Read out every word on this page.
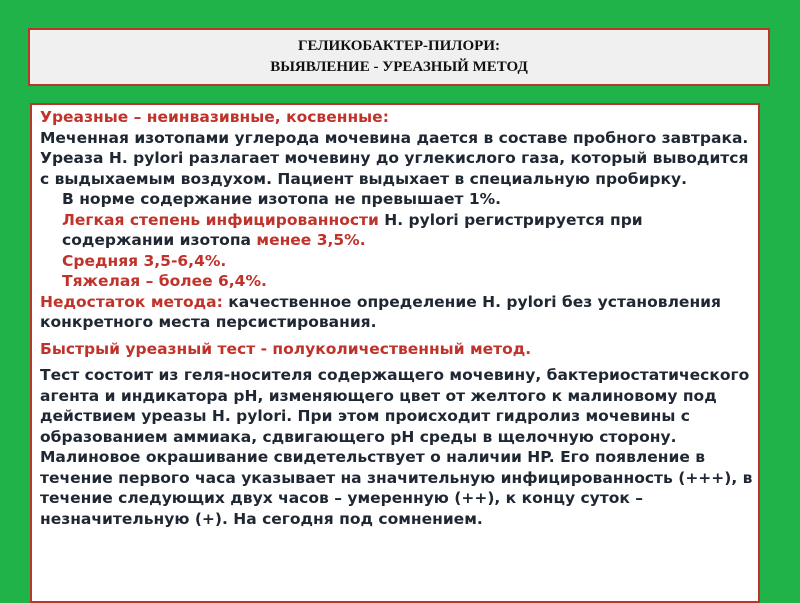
ГЕЛИКОБАКТЕР-ПИЛОРИ:
ВЫЯВЛЕНИЕ - УРЕАЗНЫЙ МЕТОД

Уреазные – неинвазивные, косвенные:

Меченная изотопами углерода мочевина дается в составе пробного завтрака. Уреаза H. pylori разлагает мочевину до углекислого газа, который выводится с выдыхаемым воздухом. Пациент выдыхает в специальную пробирку.

В норме содержание изотопа не превышает 1%.
Легкая степень инфицированности H. pylori регистрируется при содержании изотопа менее 3,5%.
Средняя 3,5-6,4%.
Тяжелая – более 6,4%.

Недостаток метода: качественное определение H. pylori без установления конкретного места персистирования.

Быстрый уреазный тест - полуколичественный метод.

Тест состоит из геля-носителя содержащего мочевину, бактериостатического агента и индикатора рН, изменяющего цвет от желтого к малиновому под действием уреазы H. pylori. При этом происходит гидролиз мочевины с образованием аммиака, сдвигающего рН среды в щелочную сторону. Малиновое окрашивание свидетельствует о наличии HP. Его появление в течение первого часа указывает на значительную инфицированность (+++), в течение следующих двух часов – умеренную (++), к концу суток – незначительную (+). На сегодня под сомнением.
